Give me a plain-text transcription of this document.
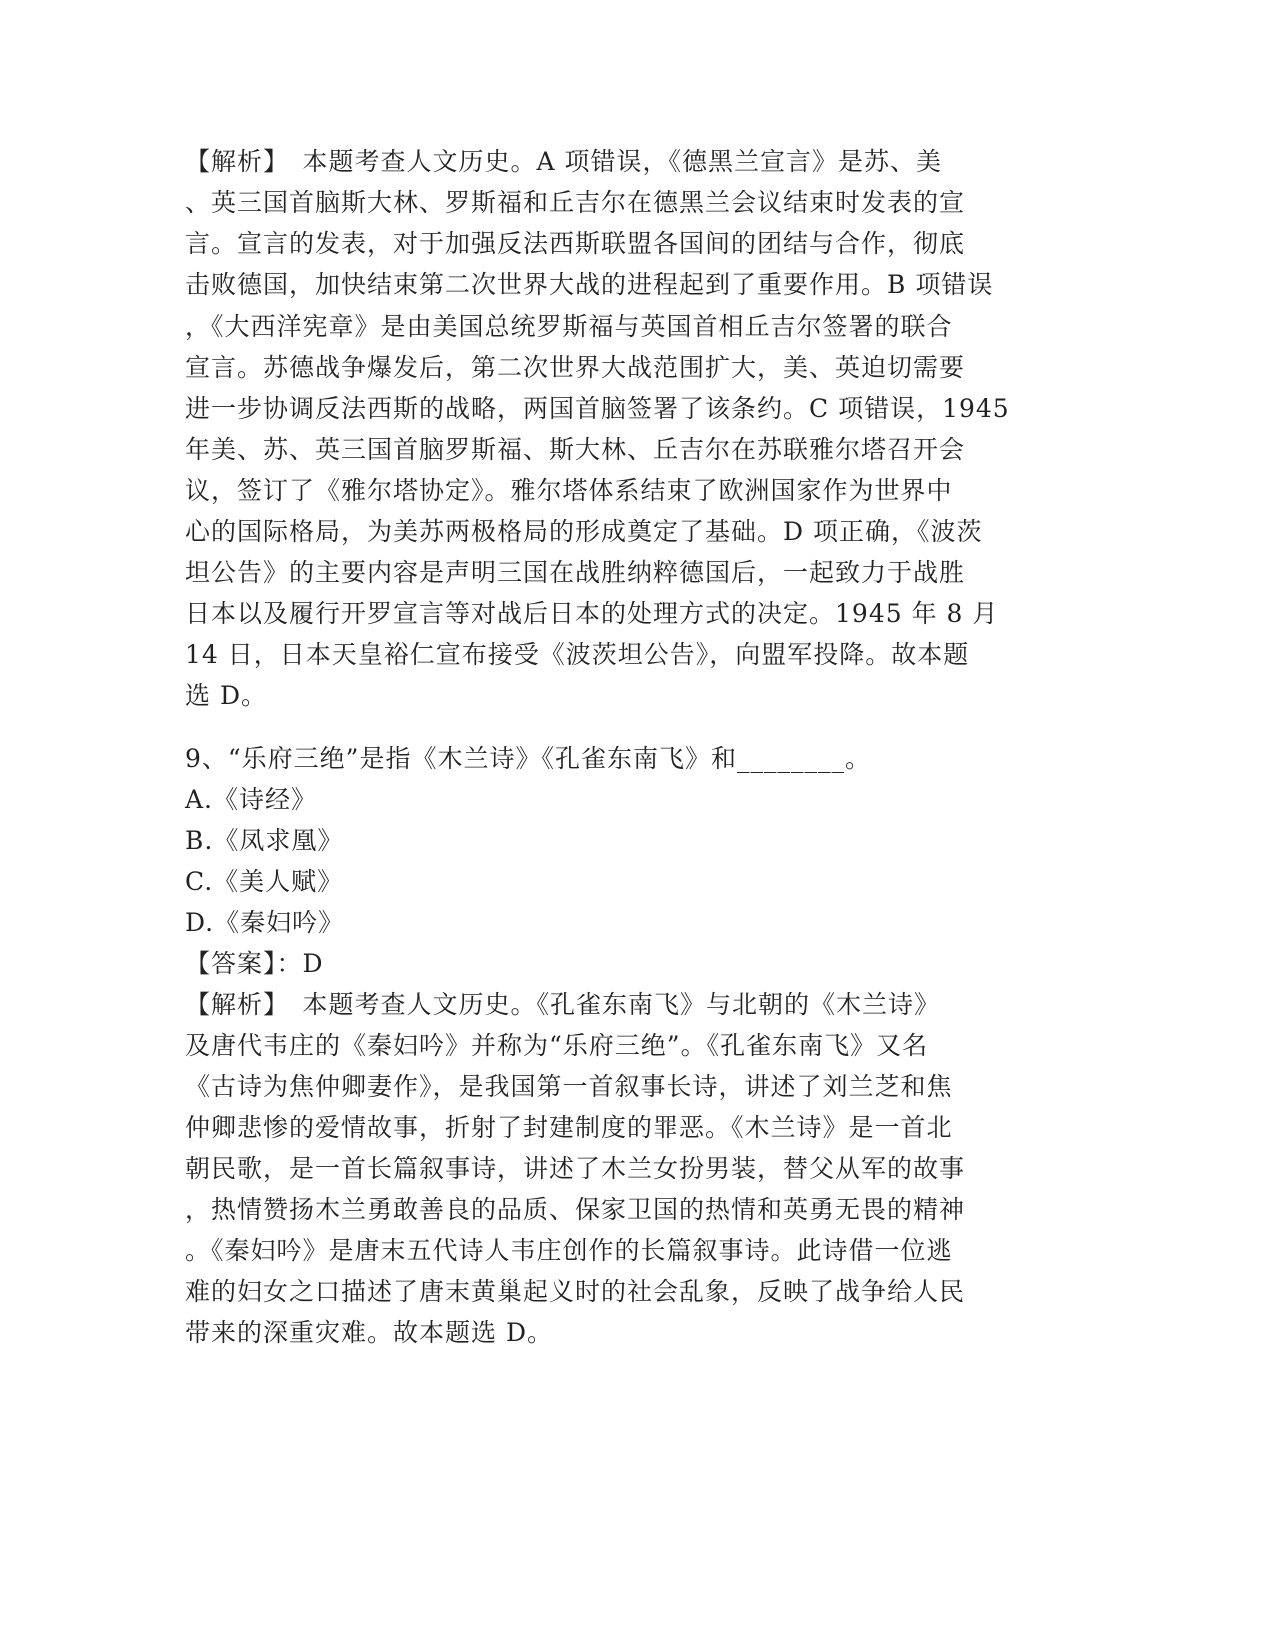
【解析】　本题考查人文历史。A 项错误，《德黑兰宣言》是苏、美
、英三国首脑斯大林、罗斯福和丘吉尔在德黑兰会议结束时发表的宣
言。宣言的发表，对于加强反法西斯联盟各国间的团结与合作，彻底
击败德国，加快结束第二次世界大战的进程起到了重要作用。B 项错误
，《大西洋宪章》是由美国总统罗斯福与英国首相丘吉尔签署的联合
宣言。苏德战争爆发后，第二次世界大战范围扩大，美、英迫切需要
进一步协调反法西斯的战略，两国首脑签署了该条约。C 项错误，1945
年美、苏、英三国首脑罗斯福、斯大林、丘吉尔在苏联雅尔塔召开会
议，签订了《雅尔塔协定》。雅尔塔体系结束了欧洲国家作为世界中
心的国际格局，为美苏两极格局的形成奠定了基础。D 项正确，《波茨
坦公告》的主要内容是声明三国在战胜纳粹德国后，一起致力于战胜
日本以及履行开罗宣言等对战后日本的处理方式的决定。1945 年 8 月
14 日，日本天皇裕仁宣布接受《波茨坦公告》，向盟军投降。故本题
选 D。
9、“乐府三绝”是指《木兰诗》《孔雀东南飞》和________。
A.《诗经》
B.《凤求凰》
C.《美人赋》
D.《秦妇吟》
【答案】：D
【解析】　本题考查人文历史。《孔雀东南飞》与北朝的《木兰诗》
及唐代韦庄的《秦妇吟》并称为“乐府三绝”。《孔雀东南飞》又名
《古诗为焦仲卿妻作》，是我国第一首叙事长诗，讲述了刘兰芝和焦
仲卿悲惨的爱情故事，折射了封建制度的罪恶。《木兰诗》是一首北
朝民歌，是一首长篇叙事诗，讲述了木兰女扮男装，替父从军的故事
，热情赞扬木兰勇敢善良的品质、保家卫国的热情和英勇无畏的精神
。《秦妇吟》是唐末五代诗人韦庄创作的长篇叙事诗。此诗借一位逃
难的妇女之口描述了唐末黄巢起义时的社会乱象，反映了战争给人民
带来的深重灾难。故本题选 D。
